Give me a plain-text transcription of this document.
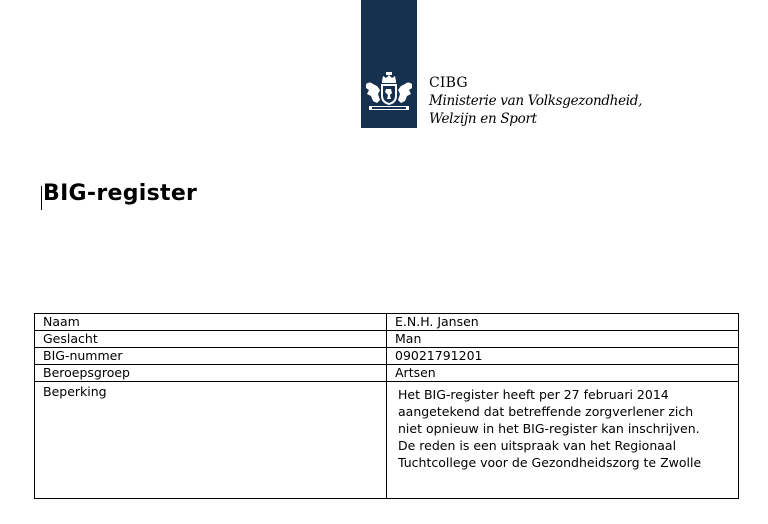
CIBG
Ministerie van Volksgezondheid,
Welzijn en Sport
BIG-register
Naam	E.N.H. Jansen
Geslacht	Man
BIG-nummer	09021791201
Beroepsgroep	Artsen
Beperking	Het BIG-register heeft per 27 februari 2014 aangetekend dat betreffende zorgverlener zich niet opnieuw in het BIG-register kan inschrijven. De reden is een uitspraak van het Regionaal Tuchtcollege voor de Gezondheidszorg te Zwolle
